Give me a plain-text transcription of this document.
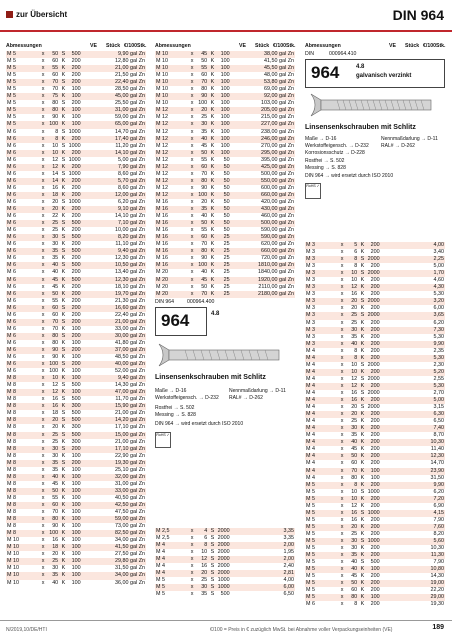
zur Übersicht	DIN 964
Abmessungen	VE Stück €/100Stk. Abmessungen	VE Stück €/100Stk. Abmessungen	VE Stück €/100Stk.
M 5	x	50	S	500	9,90 gal Zn
M 5	x	60	K	200	12,80 gal Zn
M 5	x	55	K	200	21,00 gal Zn
M 5	x	60	K	200	21,50 gal Zn
M 5	x	70	S	200	22,40 gal Zn
M 5	x	70	K	100	28,50 gal Zn
M 5	x	75	K	100	45,00 gal Zn
M 5	x	80	S	200	25,50 gal Zn
M 5	x	80	K	100	31,00 gal Zn
M 5	x	90	K	100	59,00 gal Zn
M 5	x	100	K	100	65,00 gal Zn
M 6	x	8	S	1000	14,70 gal Zn
M 6	x	8	K	200	17,40 gal Zn
M 6	x	10	S	1000	11,20 gal Zn
M 6	x	10	K	200	14,10 gal Zn
M 6	x	12	S	1000	5,00 gal Zn
M 6	x	12	K	200	7,90 gal Zn
M 6	x	14	S	1000	8,60 gal Zn
M 6	x	14	K	200	5,70 gal Zn
M 6	x	16	K	200	8,60 gal Zn
M 6	x	18	K	200	12,00 gal Zn
M 6	x	20	S	1000	6,20 gal Zn
M 6	x	20	K	200	9,10 gal Zn
M 6	x	22	K	200	14,10 gal Zn
M 6	x	25	S	500	7,10 gal Zn
M 6	x	25	K	200	10,00 gal Zn
M 6	x	30	S	500	8,20 gal Zn
M 6	x	30	K	200	11,10 gal Zn
M 6	x	35	S	500	9,40 gal Zn
M 6	x	35	K	200	12,30 gal Zn
M 6	x	40	S	500	10,50 gal Zn
M 6	x	40	K	200	13,40 gal Zn
M 6	x	45	K	500	12,30 gal Zn
M 6	x	45	K	200	18,10 gal Zn
M 6	x	50	K	200	19,70 gal Zn
M 6	x	55	K	200	21,30 gal Zn
M 6	x	60	S	200	16,60 gal Zn
M 6	x	60	K	200	22,40 gal Zn
M 6	x	70	S	200	21,00 gal Zn
M 6	x	70	K	100	33,00 gal Zn
M 6	x	80	S	200	30,00 gal Zn
M 6	x	80	K	100	41,80 gal Zn
M 6	x	90	S	200	37,00 gal Zn
M 6	x	90	K	100	48,50 gal Zn
M 6	x	100	S	200	40,00 gal Zn
M 6	x	100	K	100	52,00 gal Zn
M 8	x	10	K	100	9,40 gal Zn
M 8	x	12	S	500	14,30 gal Zn
M 8	x	12	K	100	47,00 gal Zn
M 8	x	16	S	500	11,70 gal Zn
M 8	x	16	K	300	15,90 gal Zn
M 8	x	18	S	500	21,00 gal Zn
M 8	x	20	S	500	14,20 gal Zn
M 8	x	20	K	300	17,10 gal Zn
M 8	x	25	S	500	15,00 gal Zn
M 8	x	25	K	300	21,00 gal Zn
M 8	x	30	S	200	17,10 gal Zn
M 8	x	30	K	100	22,90 gal Zn
M 8	x	35	S	200	19,30 gal Zn
M 8	x	35	K	100	25,10 gal Zn
M 8	x	40	K	100	32,00 gal Zn
M 8	x	45	K	100	31,00 gal Zn
M 8	x	50	K	100	33,00 gal Zn
M 8	x	55	K	100	40,50 gal Zn
M 8	x	60	K	100	42,50 gal Zn
M 8	x	70	K	100	47,50 gal Zn
M 8	x	80	K	100	59,00 gal Zn
M 8	x	90	K	100	73,00 gal Zn
M 8	x	100	K	100	82,50 gal Zn
M 10	x	16	K	100	34,00 gal Zn
M 10	x	18	K	100	41,50 gal Zn
M 10	x	20	K	100	27,50 gal Zn
M 10	x	25	K	100	29,80 gal Zn
M 10	x	30	K	100	31,50 gal Zn
M 10	x	35	K	100	34,00 gal Zn
M 10	x	40	K	100	36,00 gal Zn
M 10	x	45	K	100	38,00 gal Zn
M 10	x	50	K	100	41,50 gal Zn
M 10	x	55	K	100	45,50 gal Zn
M 10	x	60	K	100	48,00 gal Zn
M 10	x	70	K	100	53,80 gal Zn
M 10	x	80	K	100	69,00 gal Zn
M 10	x	90	K	100	92,00 gal Zn
M 10	x	100	K	100	103,00 gal Zn
M 12	x	20	K	100	205,00 gal Zn
M 12	x	25	K	100	215,00 gal Zn
M 12	x	30	K	100	227,00 gal Zn
M 12	x	35	K	100	238,00 gal Zn
M 12	x	40	K	100	246,00 gal Zn
M 12	x	45	K	100	270,00 gal Zn
M 12	x	50	K	100	295,00 gal Zn
M 12	x	55	K	50	395,00 gal Zn
M 12	x	60	K	50	425,00 gal Zn
M 12	x	70	K	50	500,00 gal Zn
M 12	x	80	K	50	550,00 gal Zn
M 12	x	90	K	50	600,00 gal Zn
M 12	x	100	K	50	660,00 gal Zn
M 16	x	20	K	50	420,00 gal Zn
M 16	x	35	K	50	430,00 gal Zn
M 16	x	40	K	50	460,00 gal Zn
M 16	x	50	K	50	500,00 gal Zn
M 16	x	55	K	50	590,00 gal Zn
M 16	x	60	K	25	590,00 gal Zn
M 16	x	70	K	25	620,00 gal Zn
M 16	x	80	K	25	660,00 gal Zn
M 16	x	90	K	25	720,00 gal Zn
M 16	x	100	K	25	1810,00 gal Zn
M 20	x	40	K	25	1840,00 gal Zn
M 20	x	45	K	25	1920,00 gal Zn
M 20	x	50	K	25	2110,00 gal Zn
M 20	x	70	K	25	2180,00 gal Zn
M 2,5	x	4	S	2000	3,35
M 2,5	x	6	S	2000	3,35
M 4	x	8	S	2000	2,00
M 4	x	10	S	2000	1,95
M 4	x	12	S	2000	2,00
M 4	x	16	S	2000	2,40
M 4	x	20	S	2000	2,81
M 5	x	25	S	1000	4,00
M 5	x	30	S	1000	6,00
M 5	x	35	S	500	6,50
DIN	000964.410
964	4.8
galvanisch verzinkt
Linsensenkschrauben mit Schlitz
Maße → D-16
Werkstoffeigensch. → D-232
Korrosionsschutz → D-228
Nennmaßdarlung → D-11
RAL# → D-262
Rostfrei → S. 502
Messing → S. 828
DIN 964 → wird ersetzt durch ISO 2010
RoHS ✓
M 3	x	5	K	200	4,00
M 3	x	6	K	200	3,40
M 3	x	8	S	2000	2,25
M 3	x	8	K	200	5,00
M 3	x	10	S	2000	1,70
M 3	x	10	K	200	4,60
M 3	x	12	K	200	4,30
M 3	x	16	K	200	5,30
M 3	x	20	S	2000	3,20
M 3	x	20	K	200	6,00
M 3	x	25	S	2000	3,65
M 3	x	25	K	200	6,20
M 3	x	30	K	200	7,30
M 3	x	35	K	200	5,30
M 3	x	40	K	200	9,90
M 4	x	8	K	200	2,35
M 4	x	8	K	200	5,30
M 4	x	10	S	2000	2,30
M 4	x	10	K	200	5,20
M 4	x	12	S	2000	2,55
M 4	x	12	K	200	5,30
M 4	x	16	S	2000	2,70
M 4	x	16	K	200	5,00
M 4	x	20	S	2000	3,15
M 4	x	20	K	200	6,30
M 4	x	25	K	200	6,50
M 4	x	30	K	200	7,40
M 4	x	35	K	200	8,70
M 4	x	40	K	200	10,30
M 4	x	45	K	200	11,40
M 4	x	50	K	200	12,30
M 4	x	60	K	200	14,70
M 4	x	70	K	100	23,90
M 4	x	80	K	100	31,50
M 5	x	8	K	200	9,90
M 5	x	10	S	1000	6,20
M 5	x	10	K	200	7,20
M 5	x	12	K	200	6,90
M 5	x	16	S	1000	4,15
M 5	x	16	K	200	7,90
M 5	x	20	K	200	7,60
M 5	x	25	K	200	8,20
M 5	x	30	S	1000	5,60
M 5	x	30	K	200	10,30
M 5	x	35	K	200	11,30
M 5	x	40	S	500	7,90
M 5	x	40	K	100	10,80
M 5	x	45	K	200	14,30
M 5	x	50	K	200	19,00
M 5	x	60	K	200	22,20
M 5	x	80	K	100	29,00
M 6	x	8	K	200	19,30
DIN 964 000964.400
964	4.8
Linsensenkschrauben mit Schlitz
Maße → D-16
Werkstoffeigensch. → D-232
Nennmaßdarlung → D-11
RAL# → D-262
Rostfrei → S. 502
Messing → S. 828
DIN 964 → wird ersetzt durch ISO 2010
RoHS ✓
N/2019,10/DE/HTI	€/100 = Preis in € zuzüglich MwSt. bei Abnahme voller Verpackungseinheiten (VE)	189
